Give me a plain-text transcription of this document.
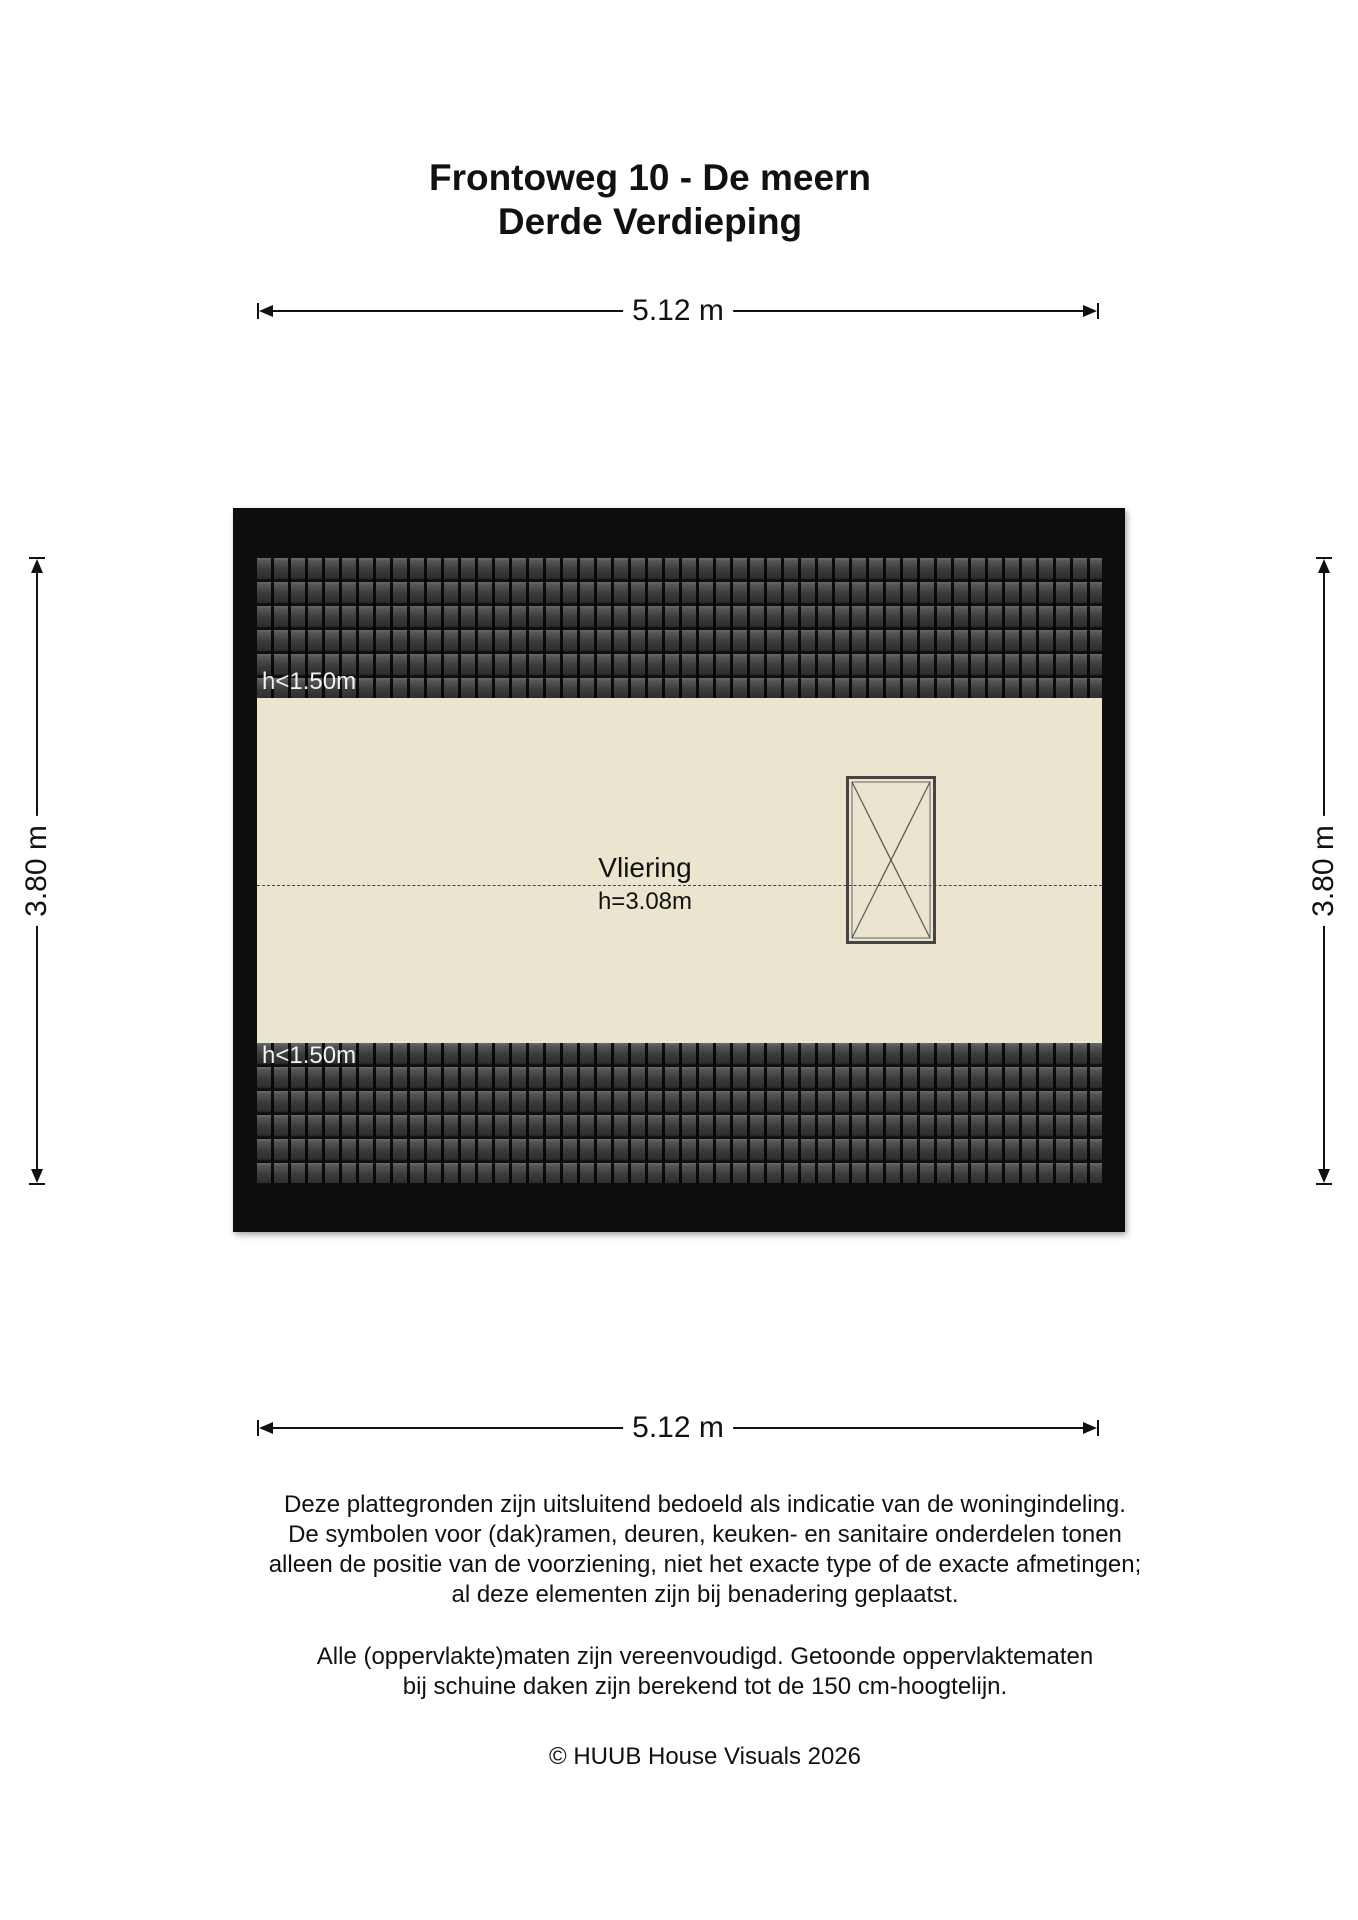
Frontoweg 10 - De meern
Derde Verdieping
5.12 m
3.80 m	3.80 m
Vliering
h=3.08m
h<1.50m
h<1.50m
5.12 m
Deze plattegronden zijn uitsluitend bedoeld als indicatie van de woningindeling.
De symbolen voor (dak)ramen, deuren, keuken- en sanitaire onderdelen tonen
alleen de positie van de voorziening, niet het exacte type of de exacte afmetingen;
al deze elementen zijn bij benadering geplaatst.
Alle (oppervlakte)maten zijn vereenvoudigd. Getoonde oppervlaktematen
bij schuine daken zijn berekend tot de 150 cm-hoogtelijn.
© HUUB House Visuals 2026
